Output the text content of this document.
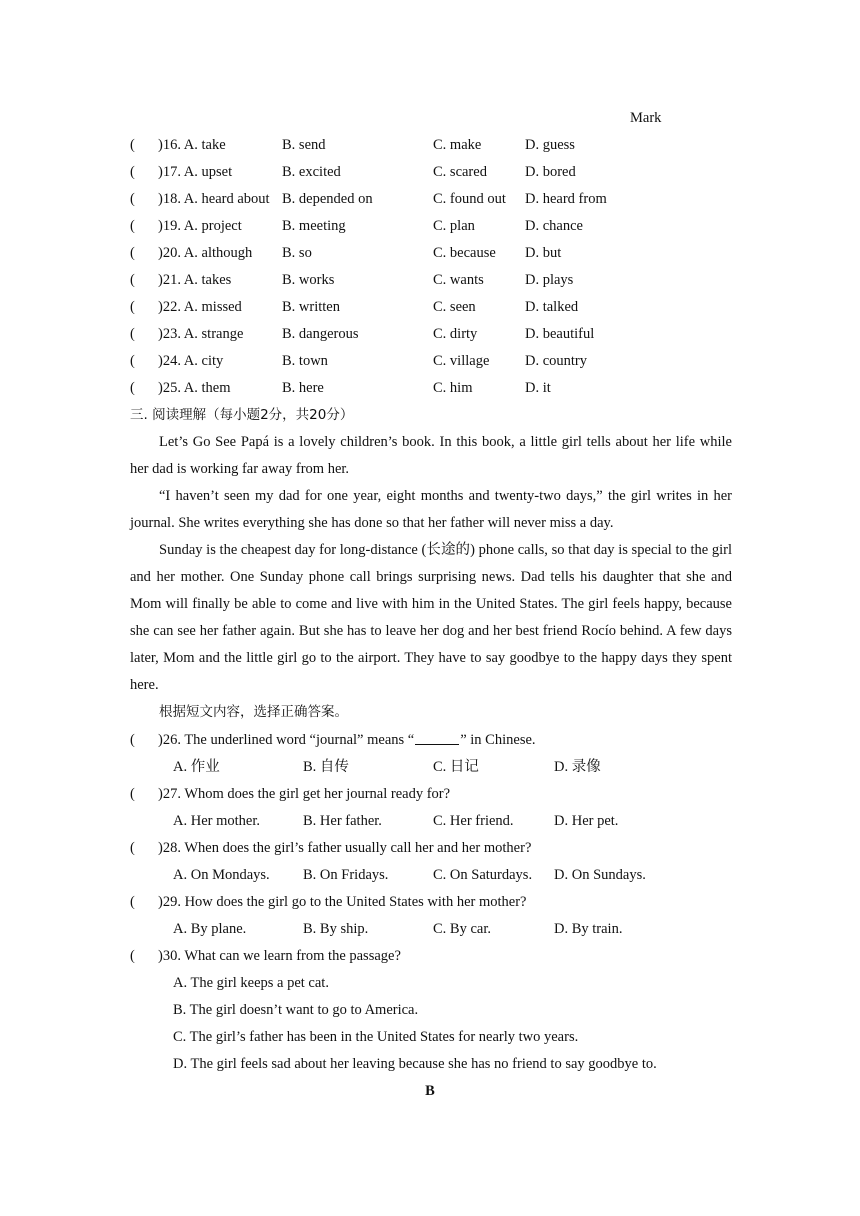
Mark
( )16. A. take	B. send	C. make	D. guess
( )17. A. upset	B. excited	C. scared	D. bored
( )18. A. heard about B. depended on	C. found out D. heard from
( )19. A. project	B. meeting	C. plan	D. chance
( )20. A. although B. so	C. because D. but
( )21. A. takes	B. works	C. wants	D. plays
( )22. A. missed	B. written	C. seen	D. talked
( )23. A. strange	B. dangerous	C. dirty	D. beautiful
( )24. A. city	B. town	C. village D. country
( )25. A. them	B. here	C. him	D. it
三. 阅读理解（每小题2分，共20分）

Let’s Go See Papá is a lovely children’s book. In this book, a little girl tells about her life while her dad is working far away from her.

“I haven’t seen my dad for one year, eight months and twenty-two days,” the girl writes in her journal. She writes everything she has done so that her father will never miss a day.

Sunday is the cheapest day for long-distance (长途的) phone calls, so that day is special to the girl and her mother. One Sunday phone call brings surprising news. Dad tells his daughter that she and Mom will finally be able to come and live with him in the United States. The girl feels happy, because she can see her father again. But she has to leave her dog and her best friend Rocío behind. A few days later, Mom and the little girl go to the airport. They have to say goodbye to the happy days they spent here.

根据短文内容，选择正确答案。

( )26. The underlined word “journal” means “	” in Chinese.
A. 作业	B. 自传	C. 日记	D. 录像
( )27. Whom does the girl get her journal ready for?
A. Her mother.	B. Her father.	C. Her friend.	D. Her pet.
( )28. When does the girl’s father usually call her and her mother?
A. On Mondays. B. On Fridays.	C. On Saturdays. D. On Sundays.
( )29. How does the girl go to the United States with her mother?
A. By plane.	B. By ship.	C. By car.	D. By train.
( )30. What can we learn from the passage?
A. The girl keeps a pet cat.
B. The girl doesn’t want to go to America.
C. The girl’s father has been in the United States for nearly two years.
D. The girl feels sad about her leaving because she has no friend to say goodbye to.
B
